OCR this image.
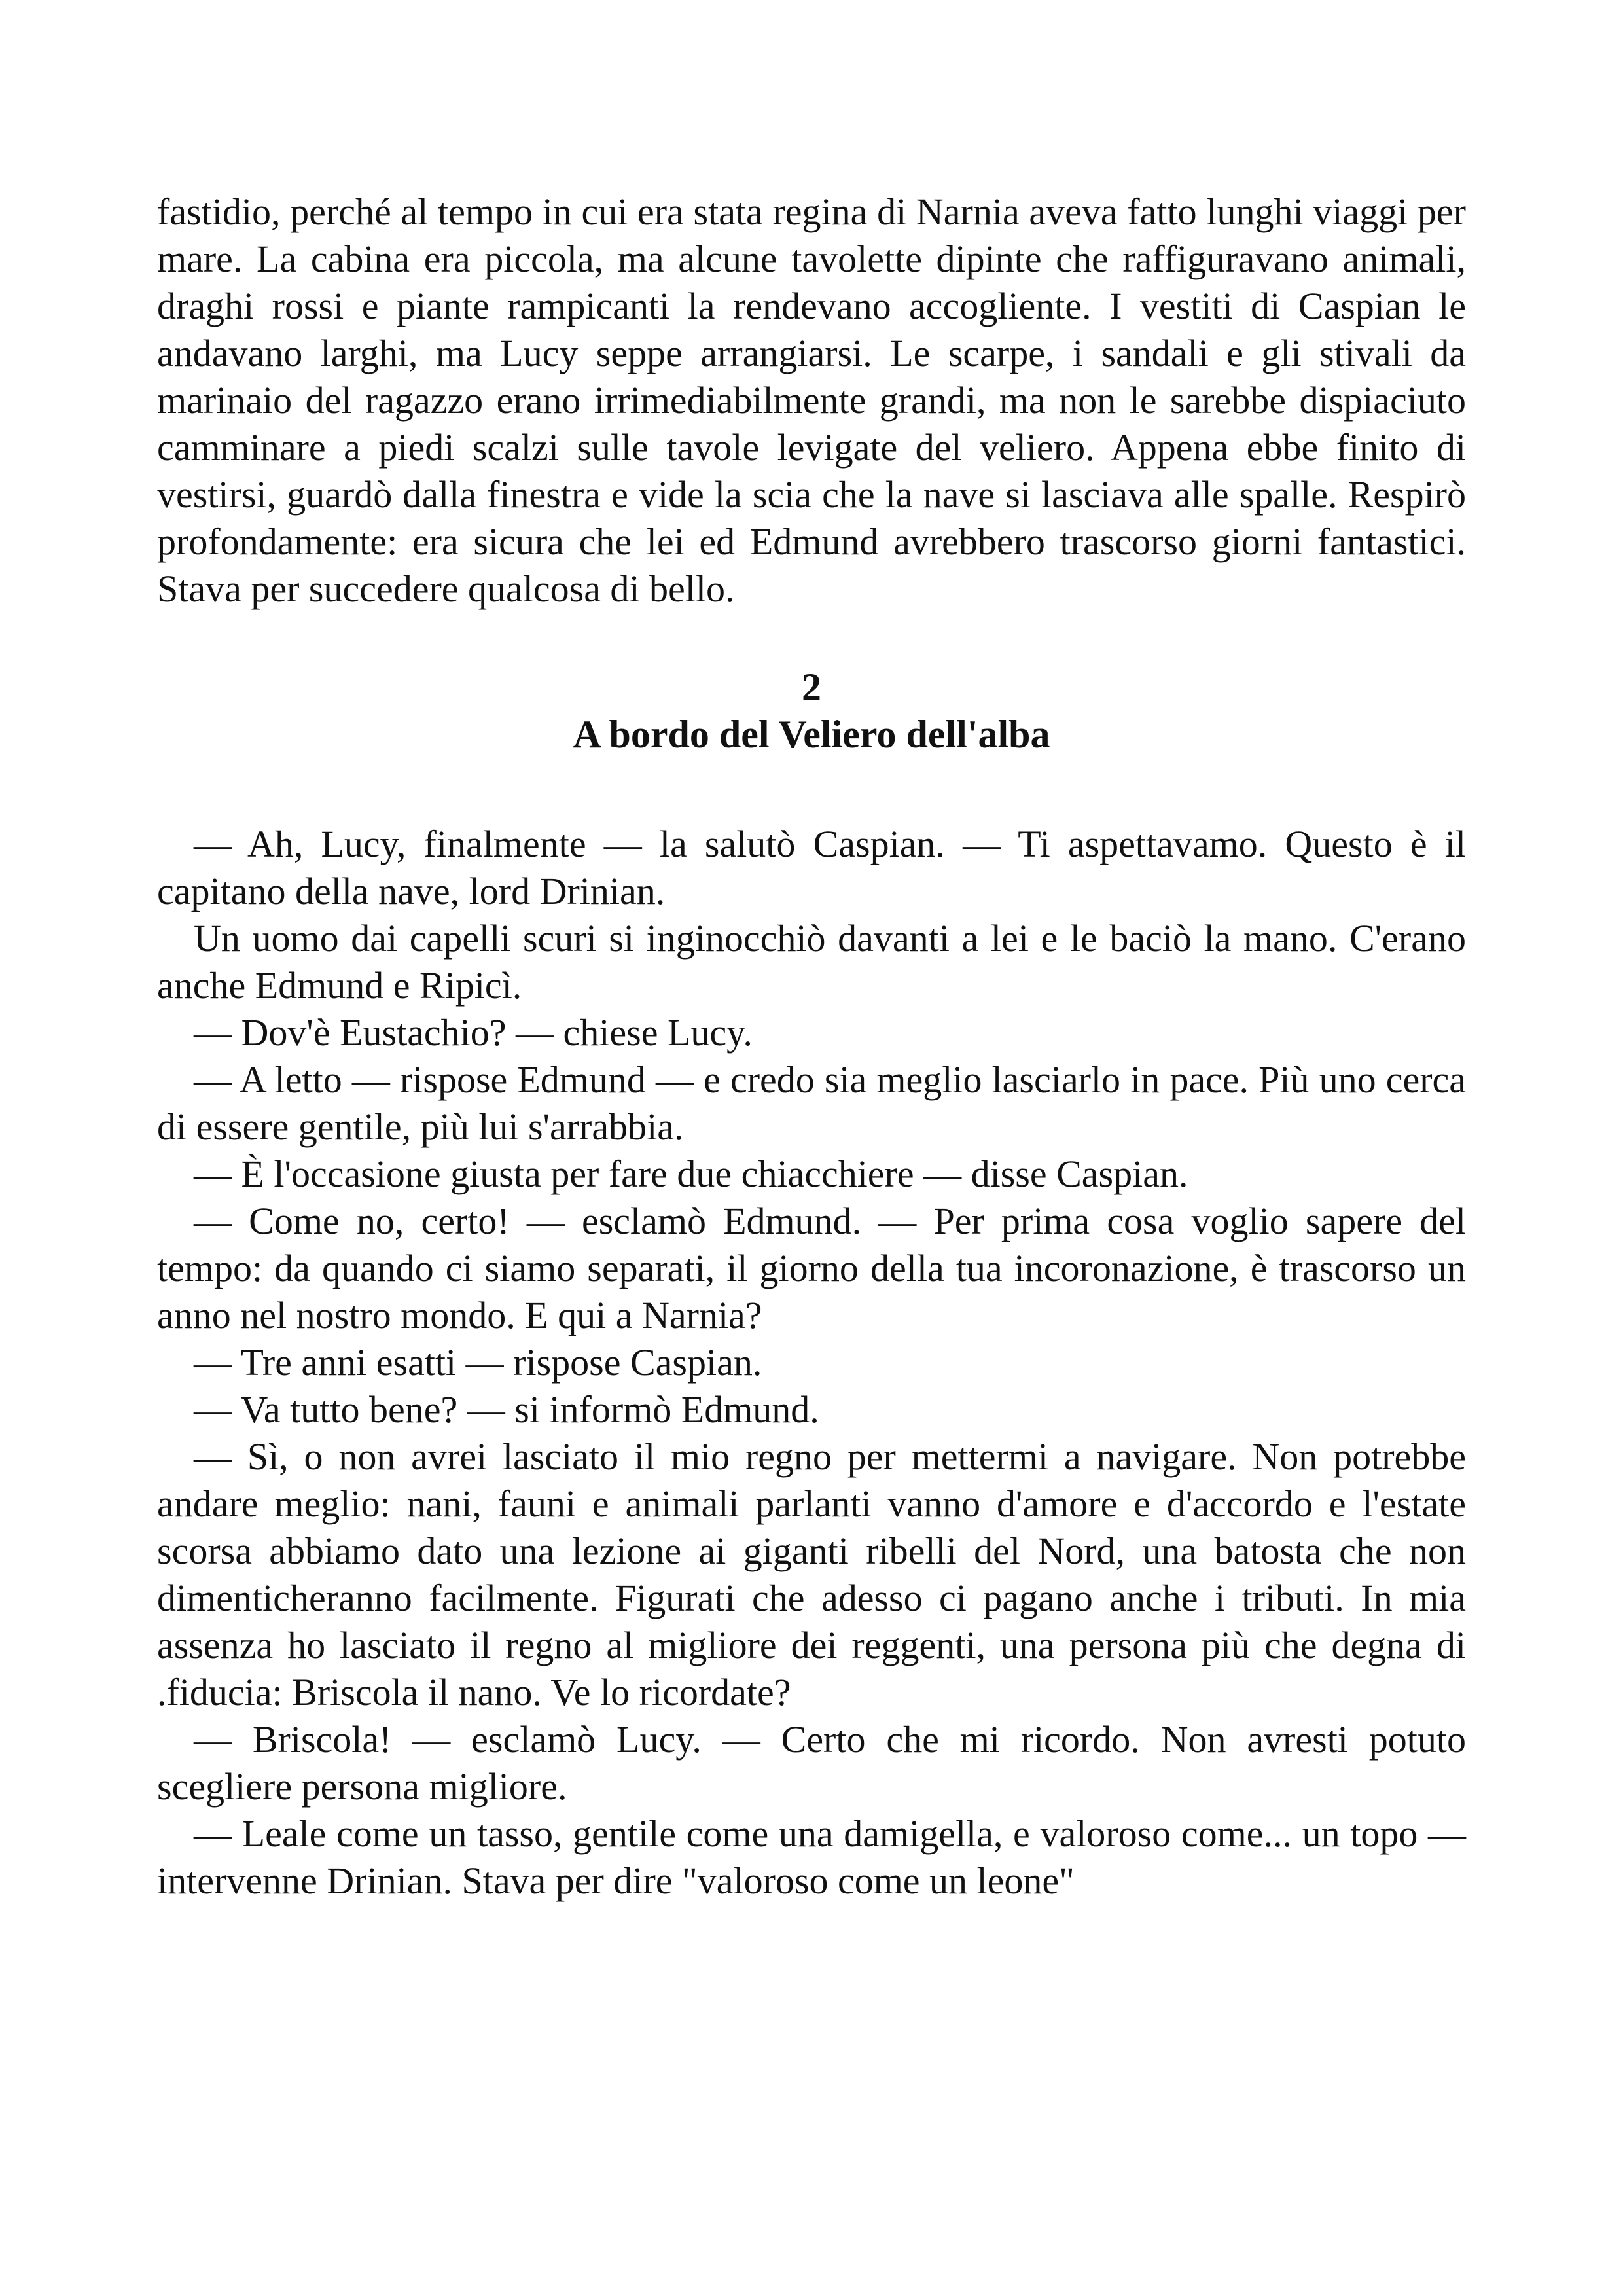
fastidio, perché al tempo in cui era stata regina di Narnia aveva fatto lunghi viaggi per mare. La cabina era piccola, ma alcune tavolette dipinte che raffiguravano animali, draghi rossi e piante rampicanti la rendevano accogliente. I vestiti di Caspian le andavano larghi, ma Lucy seppe arrangiarsi. Le scarpe, i sandali e gli stivali da marinaio del ragazzo erano irrimediabilmente grandi, ma non le sarebbe dispiaciuto camminare a piedi scalzi sulle tavole levigate del veliero. Appena ebbe finito di vestirsi, guardò dalla finestra e vide la scia che la nave si lasciava alle spalle. Respirò profondamente: era sicura che lei ed Edmund avrebbero trascorso giorni fantastici. Stava per succedere qualcosa di bello.

2
A bordo del Veliero dell'alba

— Ah, Lucy, finalmente — la salutò Caspian. — Ti aspettavamo. Questo è il capitano della nave, lord Drinian.

Un uomo dai capelli scuri si inginocchiò davanti a lei e le baciò la mano. C'erano anche Edmund e Ripicì.

— Dov'è Eustachio? — chiese Lucy.

— A letto — rispose Edmund — e credo sia meglio lasciarlo in pace. Più uno cerca di essere gentile, più lui s'arrabbia.

— È l'occasione giusta per fare due chiacchiere — disse Caspian.

— Come no, certo! — esclamò Edmund. — Per prima cosa voglio sapere del tempo: da quando ci siamo separati, il giorno della tua incoronazione, è trascorso un anno nel nostro mondo. E qui a Narnia?

— Tre anni esatti — rispose Caspian.

— Va tutto bene? — si informò Edmund.

— Sì, o non avrei lasciato il mio regno per mettermi a navigare. Non potrebbe andare meglio: nani, fauni e animali parlanti vanno d'amore e d'accordo e l'estate scorsa abbiamo dato una lezione ai giganti ribelli del Nord, una batosta che non dimenticheranno facilmente. Figurati che adesso ci pagano anche i tributi. In mia assenza ho lasciato il regno al migliore dei reggenti, una persona più che degna di .fiducia: Briscola il nano. Ve lo ricordate?

— Briscola! — esclamò Lucy. — Certo che mi ricordo. Non avresti potuto scegliere persona migliore.

— Leale come un tasso, gentile come una damigella, e valoroso come... un topo — intervenne Drinian. Stava per dire "valoroso come un leone"
